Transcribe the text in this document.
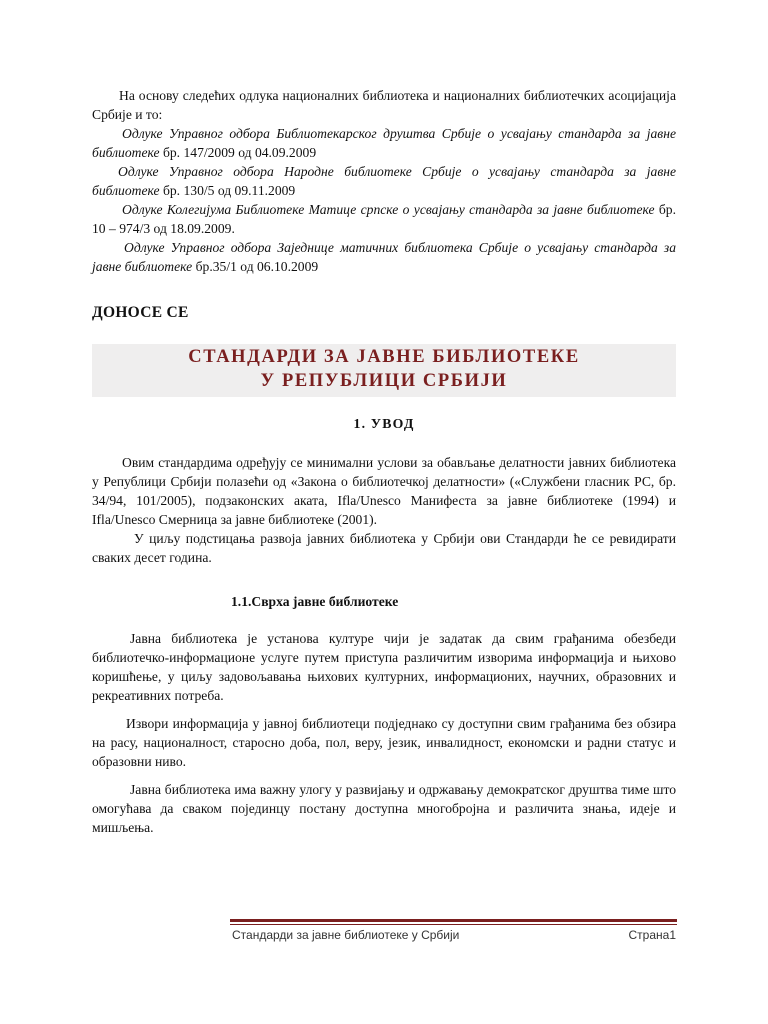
На основу следећих одлука националних библиотека и националних библиотечких асоцијација Србије и то:

Одлуке Управног одбора Библиотекарског друштва Србије о усвајању стандарда за јавне библиотеке бр. 147/2009 од 04.09.2009

Одлуке Управног одбора Народне библиотеке Србије о усвајању стандарда за јавне библиотеке бр. 130/5 од 09.11.2009

Одлуке Колегијума Библиотеке Матице српске о усвајању стандарда за јавне библиотеке бр. 10 – 974/3 од 18.09.2009.

Одлуке Управног одбора Заједнице матичних библиотека Србије о усвајању стандарда за јавне библиотеке бр.35/1 од 06.10.2009

ДОНОСЕ СЕ
СТАНДАРДИ ЗА ЈАВНЕ БИБЛИОТЕКЕ
У РЕПУБЛИЦИ СРБИЈИ
1. УВОД

Овим стандардима одређују се минимални услови за обављање делатности јавних библиотека у Републици Србији полазећи од «Закона о библиотечкој делатности» («Службени гласник РС, бр. 34/94, 101/2005), подзаконских аката, Ifla/Unesco Манифеста за јавне библиотеке (1994) и Ifla/Unesco Смерница за јавне библиотеке (2001).

У циљу подстицања развоја јавних библиотека у Србији ови Стандарди ће се ревидирати сваких десет година.

1.1.Сврха јавне библиотеке

Јавна библиотека је установа културе чији је задатак да свим грађанима обезбеди библиотечко-информационе услуге путем приступа различитим изворима информација и њихово коришћење, у циљу задовољавања њихових културних, информационих, научних, образовних и рекреативних потреба.

Извори информација у јавној библиотеци подједнако су доступни свим грађанима без обзира на расу, националност, старосно доба, пол, веру, језик, инвалидност, економски и радни статус и образовни ниво.

Јавна библиотека има важну улогу у развијању и одржавању демократског друштва тиме што омогућава да сваком појединцу постану доступна многобројна и различита знања, идеје и мишљења.

Стандарди за јавне библиотеке у Србији	Страна1
